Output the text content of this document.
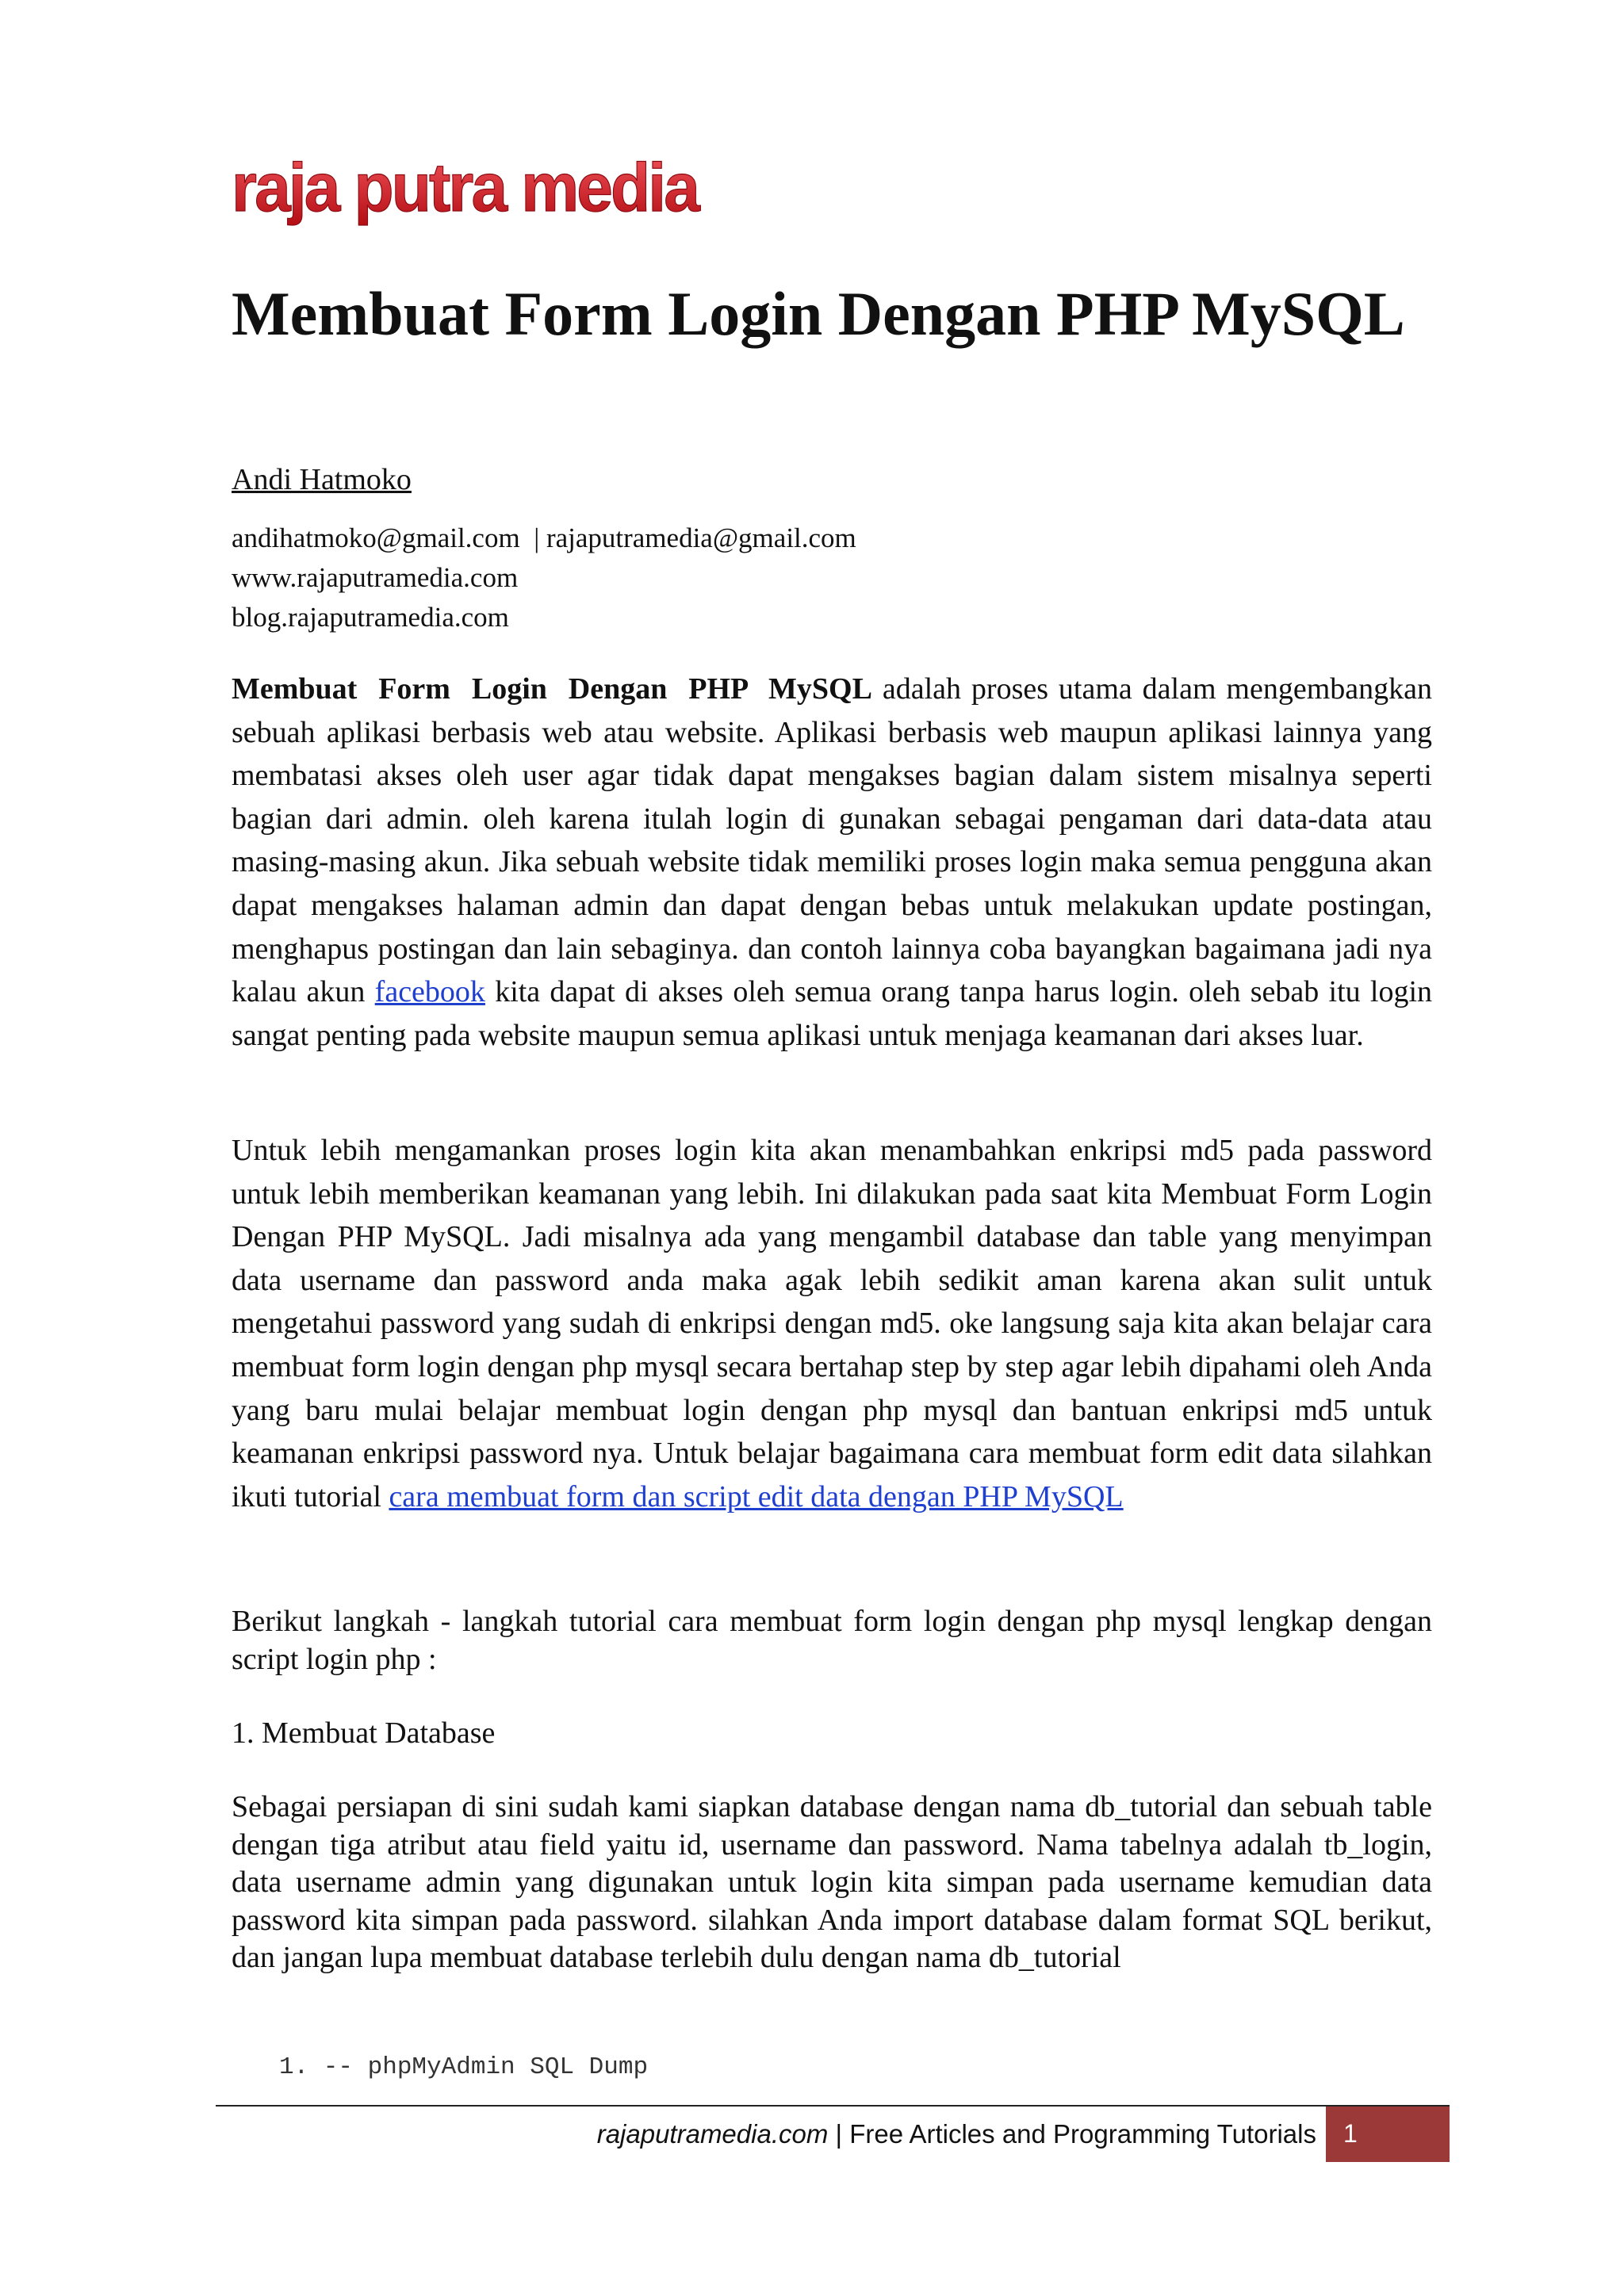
raja putra media
Membuat Form Login Dengan PHP MySQL
Andi Hatmoko
andihatmoko@gmail.com  | rajaputramedia@gmail.com
www.rajaputramedia.com
blog.rajaputramedia.com

Membuat Form Login Dengan PHP MySQL adalah proses utama dalam mengembangkan sebuah aplikasi berbasis web atau website. Aplikasi berbasis web maupun aplikasi lainnya yang membatasi akses oleh user agar tidak dapat mengakses bagian dalam sistem misalnya seperti bagian dari admin. oleh karena itulah login di gunakan sebagai pengaman dari data-data atau masing-masing akun. Jika sebuah website tidak memiliki proses login maka semua pengguna akan dapat mengakses halaman admin dan dapat dengan bebas untuk melakukan update postingan, menghapus postingan dan lain sebaginya. dan contoh lainnya coba bayangkan bagaimana jadi nya kalau akun facebook kita dapat di akses oleh semua orang tanpa harus login. oleh sebab itu login sangat penting pada website maupun semua aplikasi untuk menjaga keamanan dari akses luar.

Untuk lebih mengamankan proses login kita akan menambahkan enkripsi md5 pada password untuk lebih memberikan keamanan yang lebih. Ini dilakukan pada saat kita Membuat Form Login Dengan PHP MySQL. Jadi misalnya ada yang mengambil database dan table yang menyimpan data username dan password anda maka agak lebih sedikit aman karena akan sulit untuk mengetahui password yang sudah di enkripsi dengan md5. oke langsung saja kita akan belajar cara membuat form login dengan php mysql secara bertahap step by step agar lebih dipahami oleh Anda yang baru mulai belajar membuat login dengan php mysql dan bantuan enkripsi md5 untuk keamanan enkripsi password nya. Untuk belajar bagaimana cara membuat form edit data silahkan ikuti tutorial cara membuat form dan script edit data dengan PHP MySQL

Berikut langkah - langkah tutorial cara membuat form login dengan php mysql lengkap dengan script login php :

1. Membuat Database

Sebagai persiapan di sini sudah kami siapkan database dengan nama db_tutorial dan sebuah table dengan tiga atribut atau field yaitu id, username dan password. Nama tabelnya adalah tb_login, data username admin yang digunakan untuk login kita simpan pada username kemudian data password kita simpan pada password. silahkan Anda import database dalam format SQL berikut, dan jangan lupa membuat database terlebih dulu dengan nama db_tutorial

1. -- phpMyAdmin SQL Dump
rajaputramedia.com | Free Articles and Programming Tutorials	1
